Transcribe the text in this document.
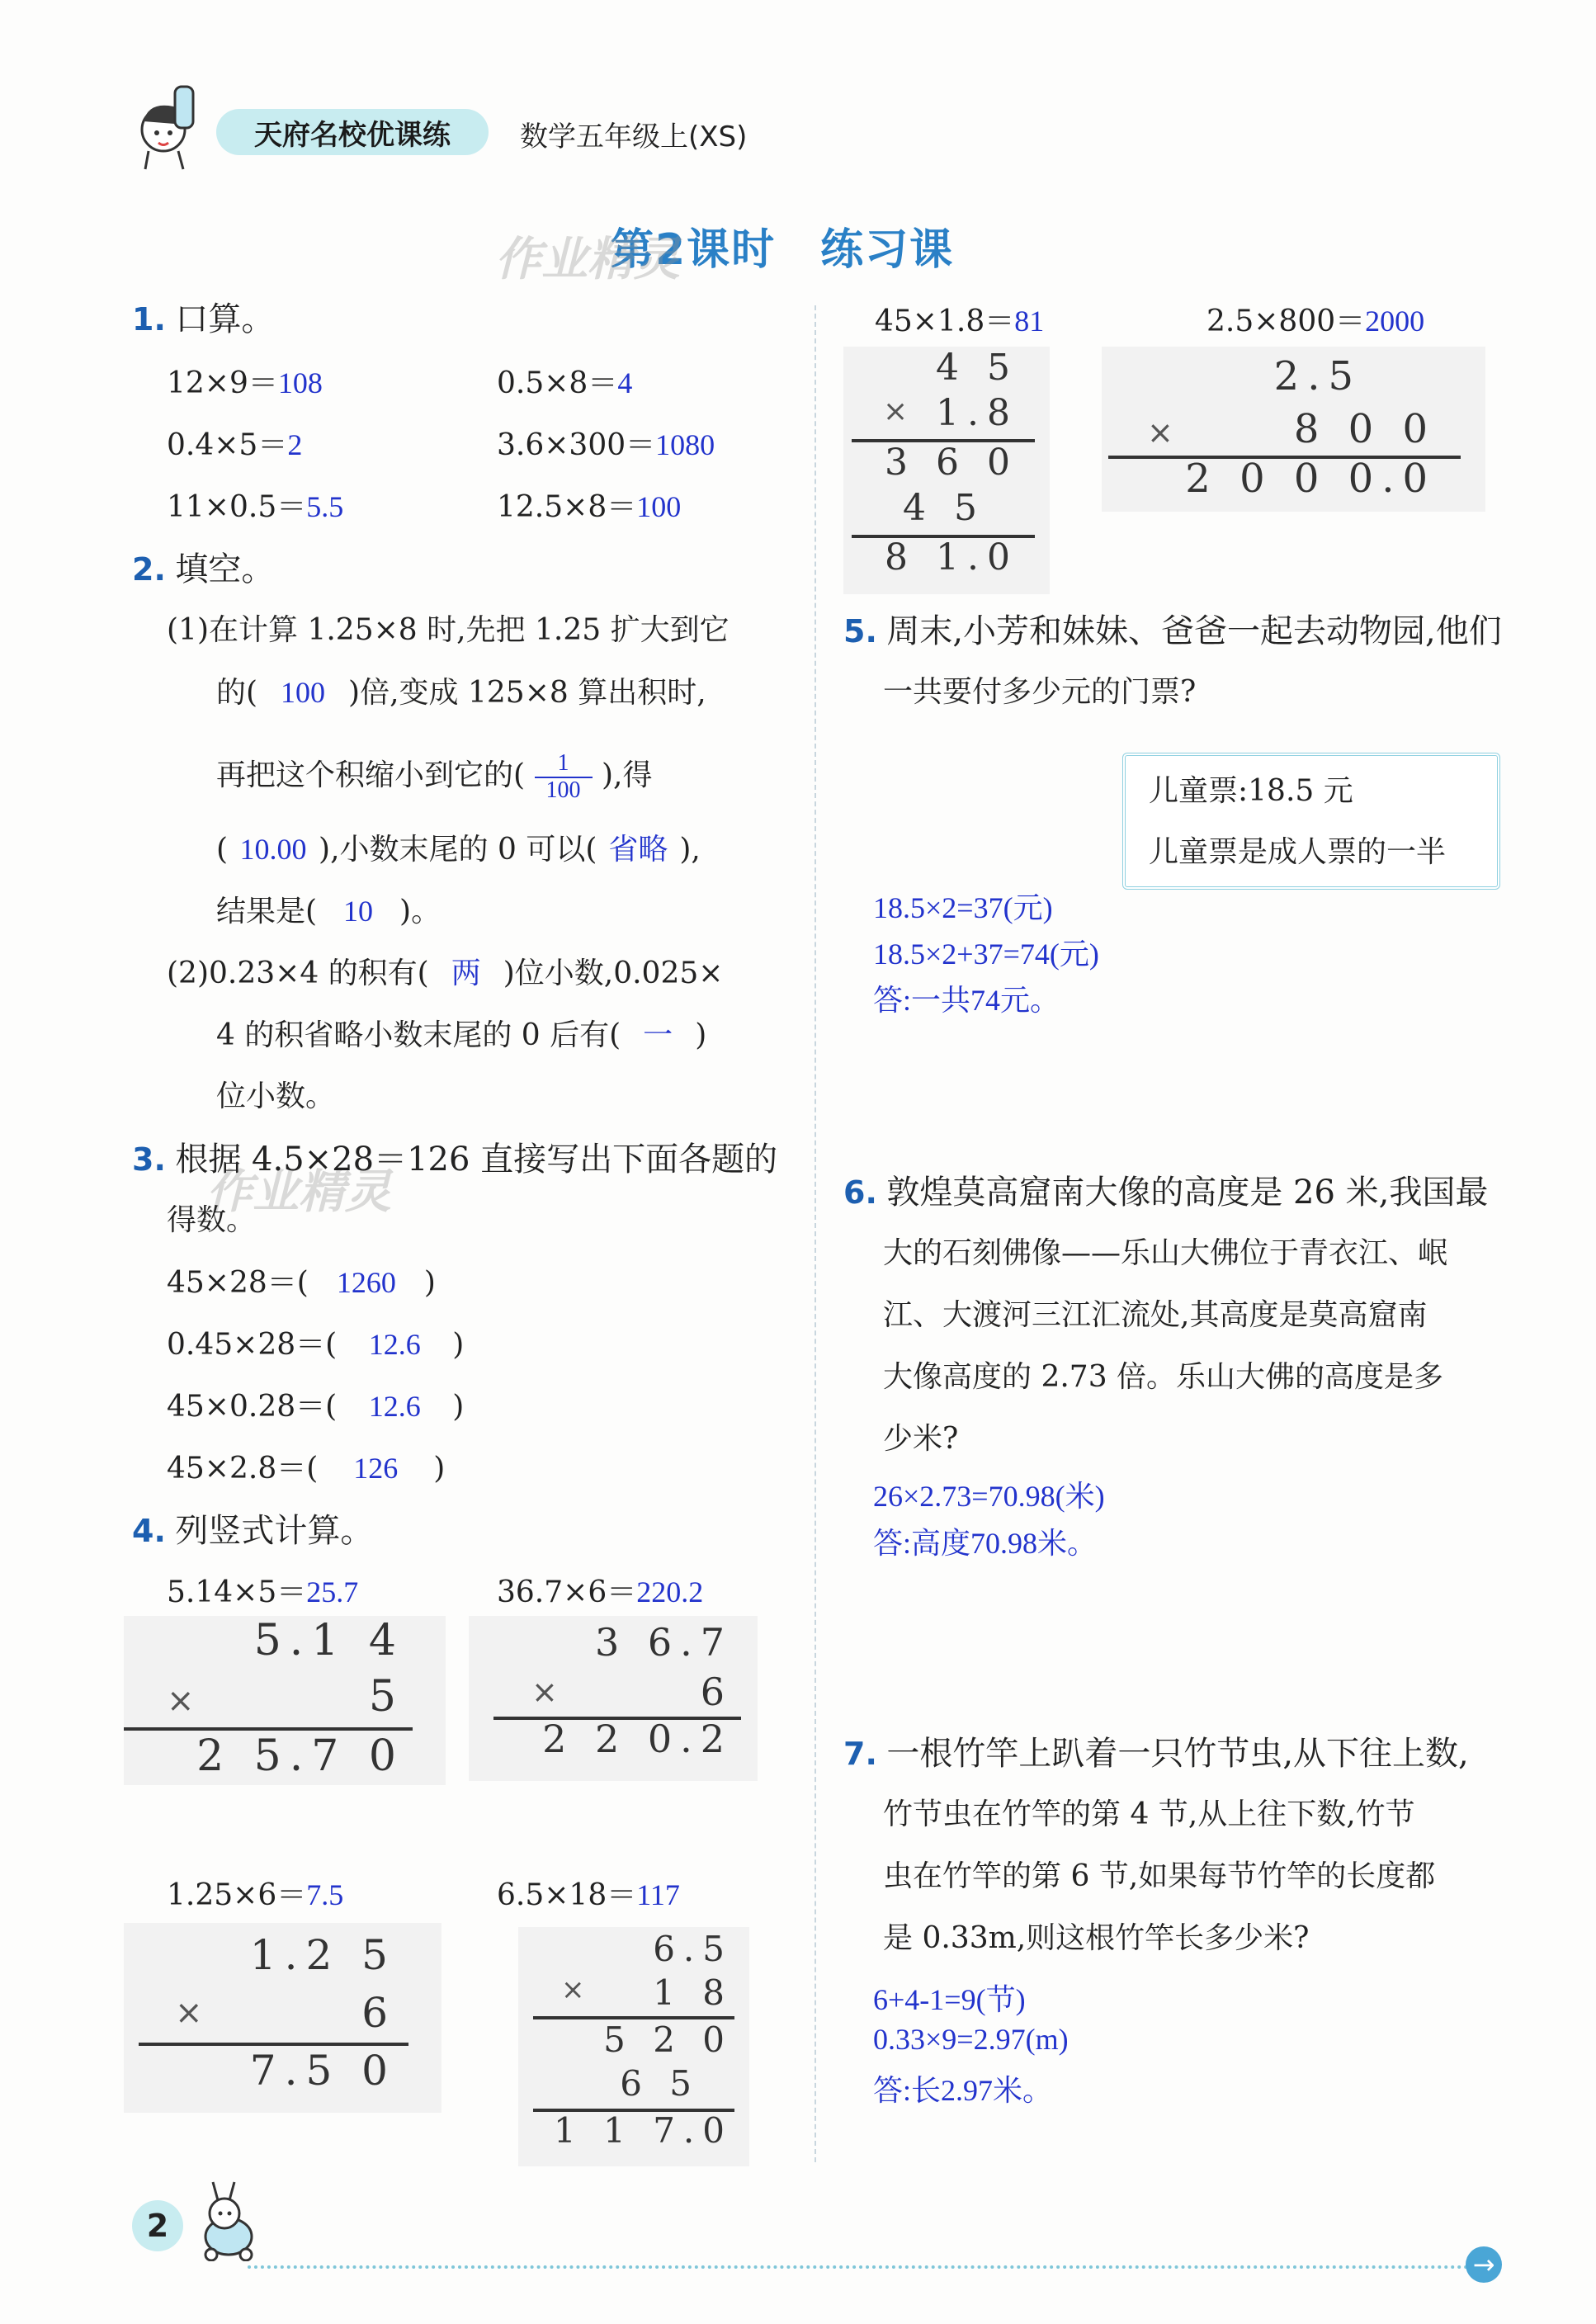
天府名校优课练 数学五年级上(XS)
第2课时　练习课
作业精灵
作业精灵
1. 口算。
12×9＝108	0.5×8＝4
0.4×5＝2	3.6×300＝1080
11×0.5＝5.5	12.5×8＝100
2. 填空。
(1)在计算 1.25×8 时,先把 1.25 扩大到它
的( 100 )倍,变成 125×8 算出积时,
再把这个积缩小到它的( $\frac{1}{100}$ ),得
( 10.00 ),小数末尾的 0 可以( 省略 ),
结果是( 10 )。
(2)0.23×4 的积有( 两 )位小数,0.025×
4 的积省略小数末尾的 0 后有( 一 )
位小数。
3. 根据 4.5×28＝126 直接写出下面各题的
得数。
45×28＝( 1260 )
0.45×28＝( 12.6 )
45×0.28＝( 12.6 )
45×2.8＝( 126 )
4. 列竖式计算。
5.14×5＝25.7
5.1 4
×	5
2 5.7 0
36.7×6＝220.2
3 6.7
×	6
2 2 0.2
1.25×6＝7.5
1.2 5
×	6
7.5 0
6.5×18＝117
6.5
× 1 8
5 2 0
6 5
1 1 7.0
45×1.8＝81
4 5
× 1.8
3 6 0
4 5
8 1.0
2.5×800＝2000
2.5
×	8 0 0
2 0 0 0.0
5. 周末,小芳和妹妹、爸爸一起去动物园,他们
一共要付多少元的门票?
儿童票:18.5 元
儿童票是成人票的一半
18.5×2=37(元)
18.5×2+37=74(元)
答:一共74元。
6. 敦煌莫高窟南大像的高度是 26 米,我国最
大的石刻佛像——乐山大佛位于青衣江、岷
江、大渡河三江汇流处,其高度是莫高窟南
大像高度的 2.73 倍。乐山大佛的高度是多
少米?
26×2.73=70.98(米)
答:高度70.98米。
7. 一根竹竿上趴着一只竹节虫,从下往上数,
竹节虫在竹竿的第 4 节,从上往下数,竹节
虫在竹竿的第 6 节,如果每节竹竿的长度都
是 0.33m,则这根竹竿长多少米?
6+4-1=9(节)
0.33×9=2.97(m)
答:长2.97米。
2
→
